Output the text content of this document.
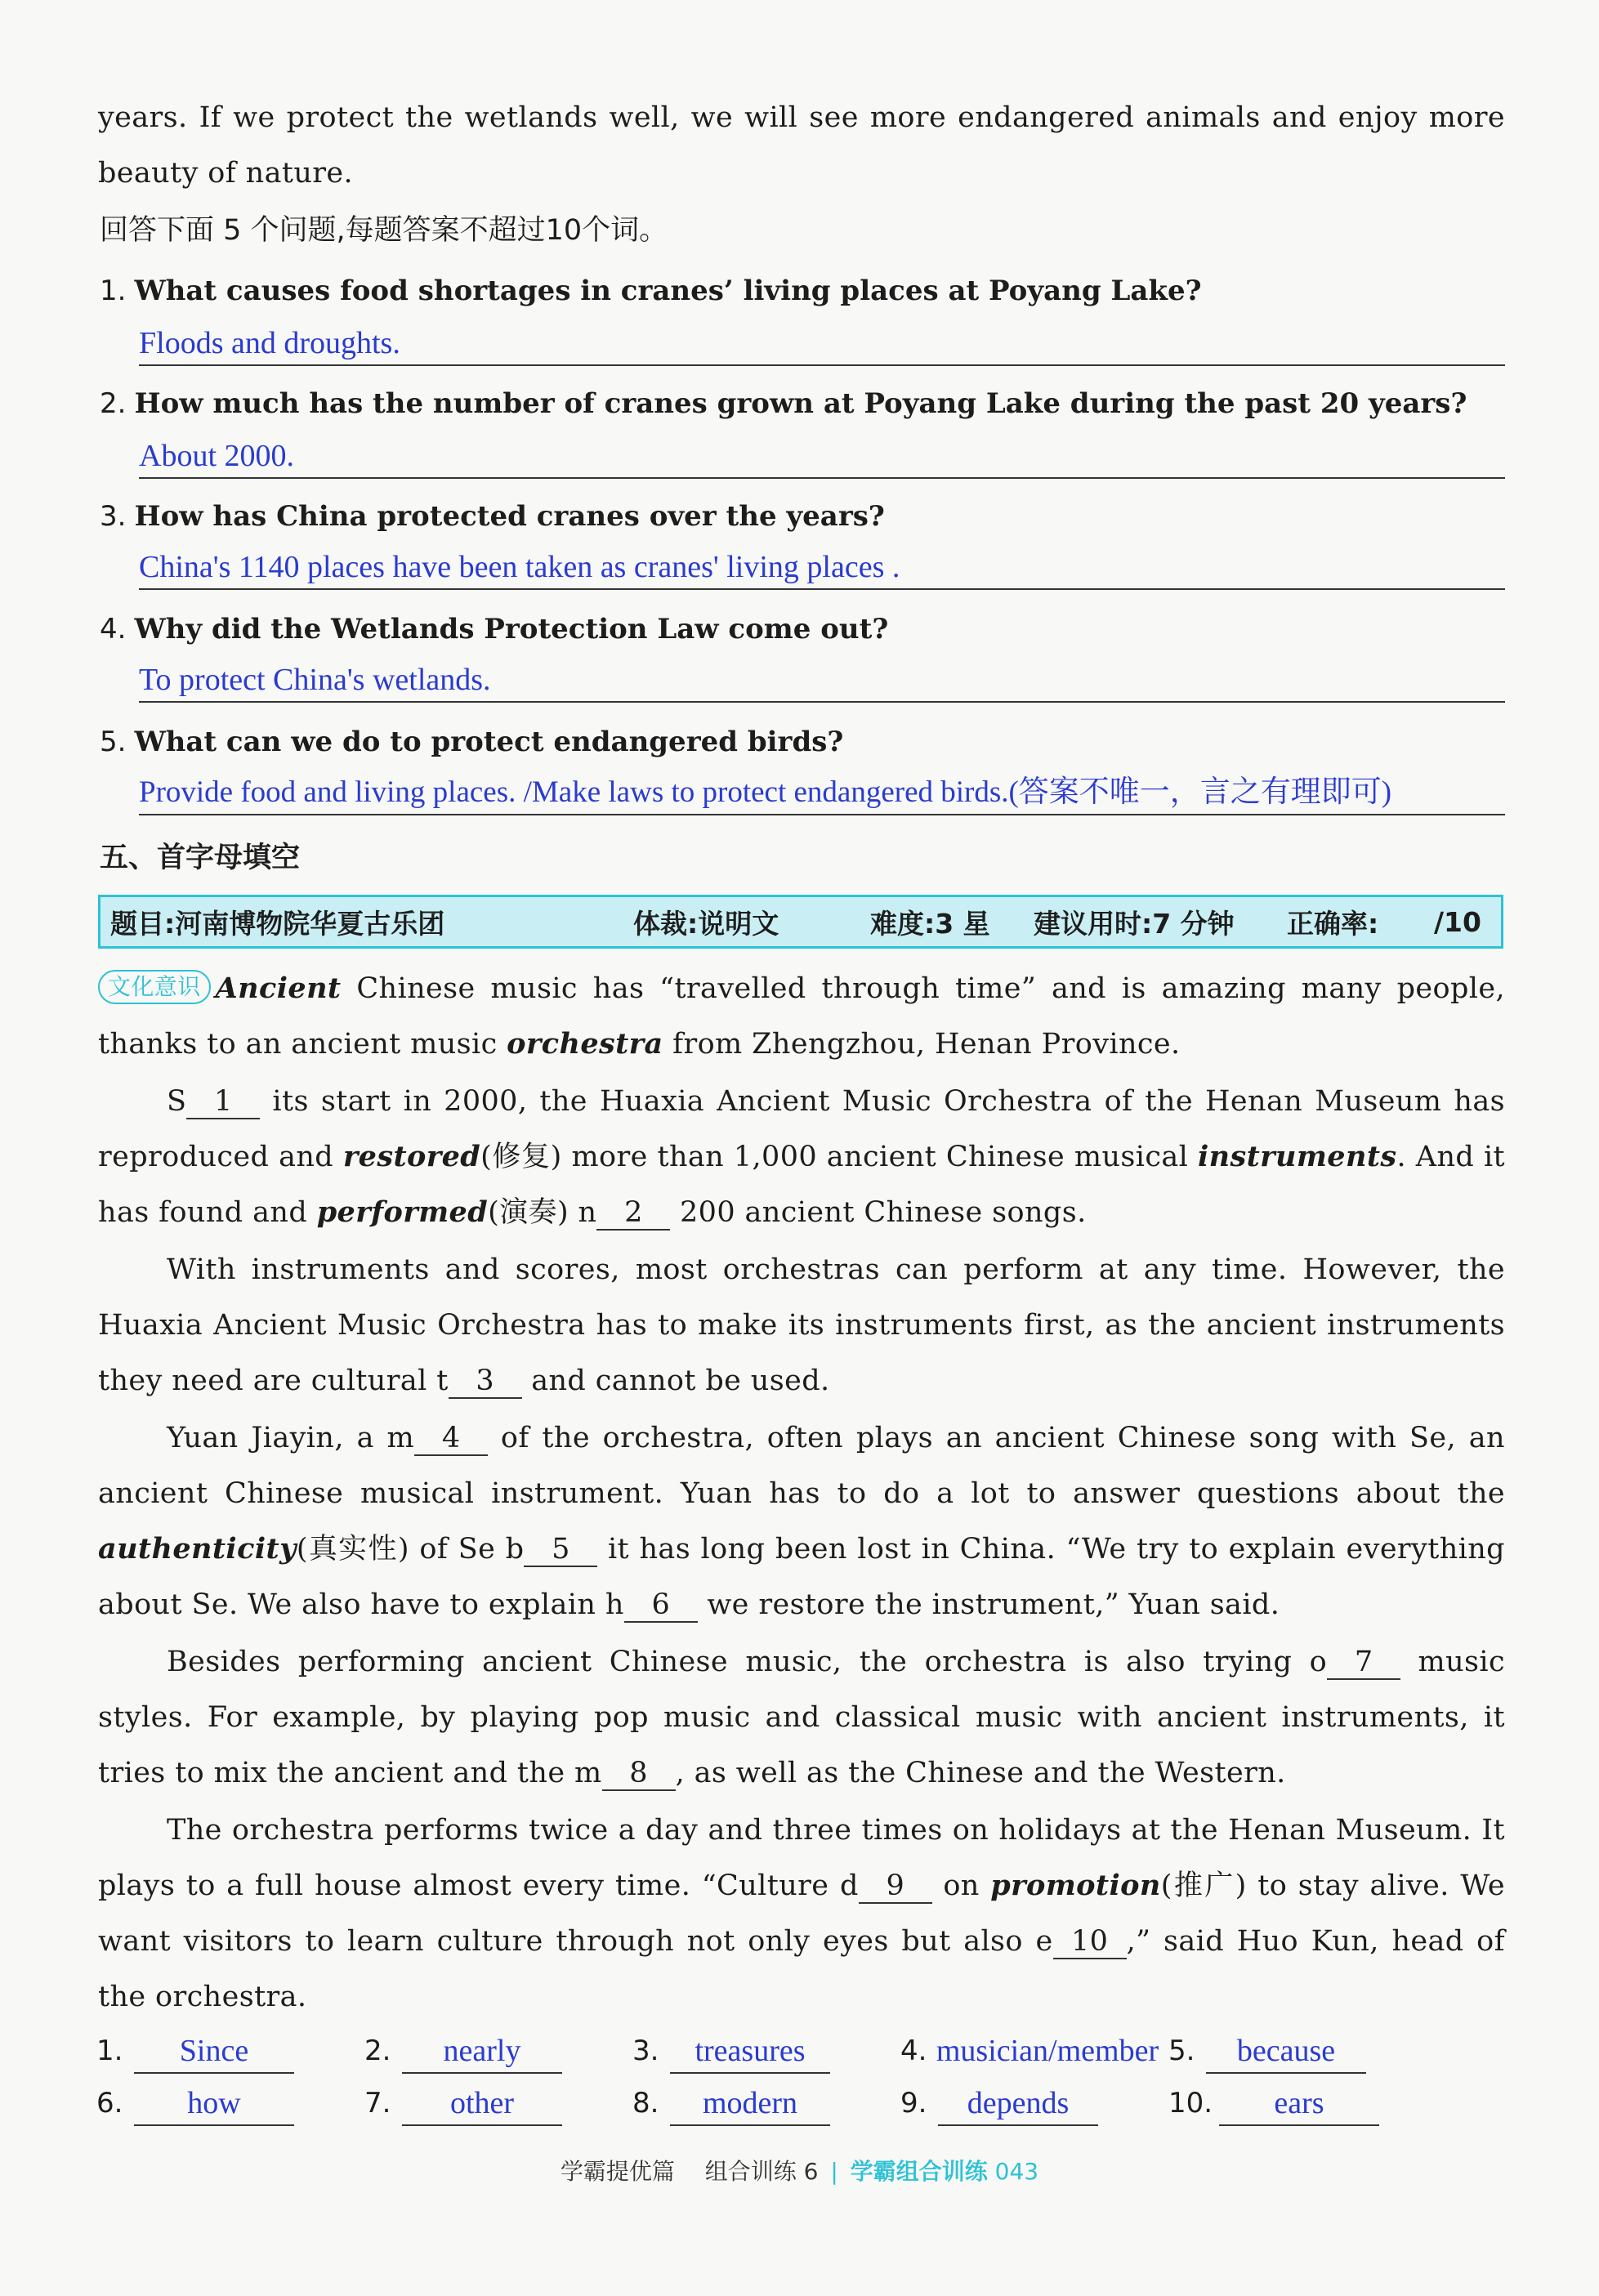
years. If we protect the wetlands well, we will see more endangered animals and enjoy more beauty of nature.

回答下面 5 个问题,每题答案不超过10个词。

1. What causes food shortages in cranes’ living places at Poyang Lake?

Floods and droughts.

2. How much has the number of cranes grown at Poyang Lake during the past 20 years?

About 2000.

3. How has China protected cranes over the years?

China's 1140 places have been taken as cranes' living places .

4. Why did the Wetlands Protection Law come out?

To protect China's wetlands.

5. What can we do to protect endangered birds?

Provide food and living places. /Make laws to protect endangered birds.(答案不唯一，言之有理即可)

五、首字母填空

题目:河南博物院华夏古乐团	体裁:说明文	难度:3 星	建议用时:7 分钟	正确率:	/10

文化意识 Ancient Chinese music has “travelled through time” and is amazing many people, thanks to an ancient music orchestra from Zhengzhou, Henan Province.

S 1 its start in 2000, the Huaxia Ancient Music Orchestra of the Henan Museum has reproduced and restored(修复) more than 1,000 ancient Chinese musical instruments. And it has found and performed(演奏) n 2 200 ancient Chinese songs.

With instruments and scores, most orchestras can perform at any time. However, the Huaxia Ancient Music Orchestra has to make its instruments first, as the ancient instruments they need are cultural t 3 and cannot be used.

Yuan Jiayin, a m 4 of the orchestra, often plays an ancient Chinese song with Se, an ancient Chinese musical instrument. Yuan has to do a lot to answer questions about the authenticity(真实性) of Se b 5 it has long been lost in China. “We try to explain everything about Se. We also have to explain h 6 we restore the instrument,” Yuan said.

Besides performing ancient Chinese music, the orchestra is also trying o 7 music styles. For example, by playing pop music and classical music with ancient instruments, it tries to mix the ancient and the m 8 , as well as the Chinese and the Western.

The orchestra performs twice a day and three times on holidays at the Henan Museum. It plays to a full house almost every time. “Culture d 9 on promotion(推广) to stay alive. We want visitors to learn culture through not only eyes but also e 10 ,” said Huo Kun, head of the orchestra.

1.	Since	2.	nearly	3.	treasures	4. musician/member 5.	because
6.	how	7.	other	8.	modern	9.	depends	10.	ears
学霸提优篇 组合训练 6 | 学霸组合训练 043
